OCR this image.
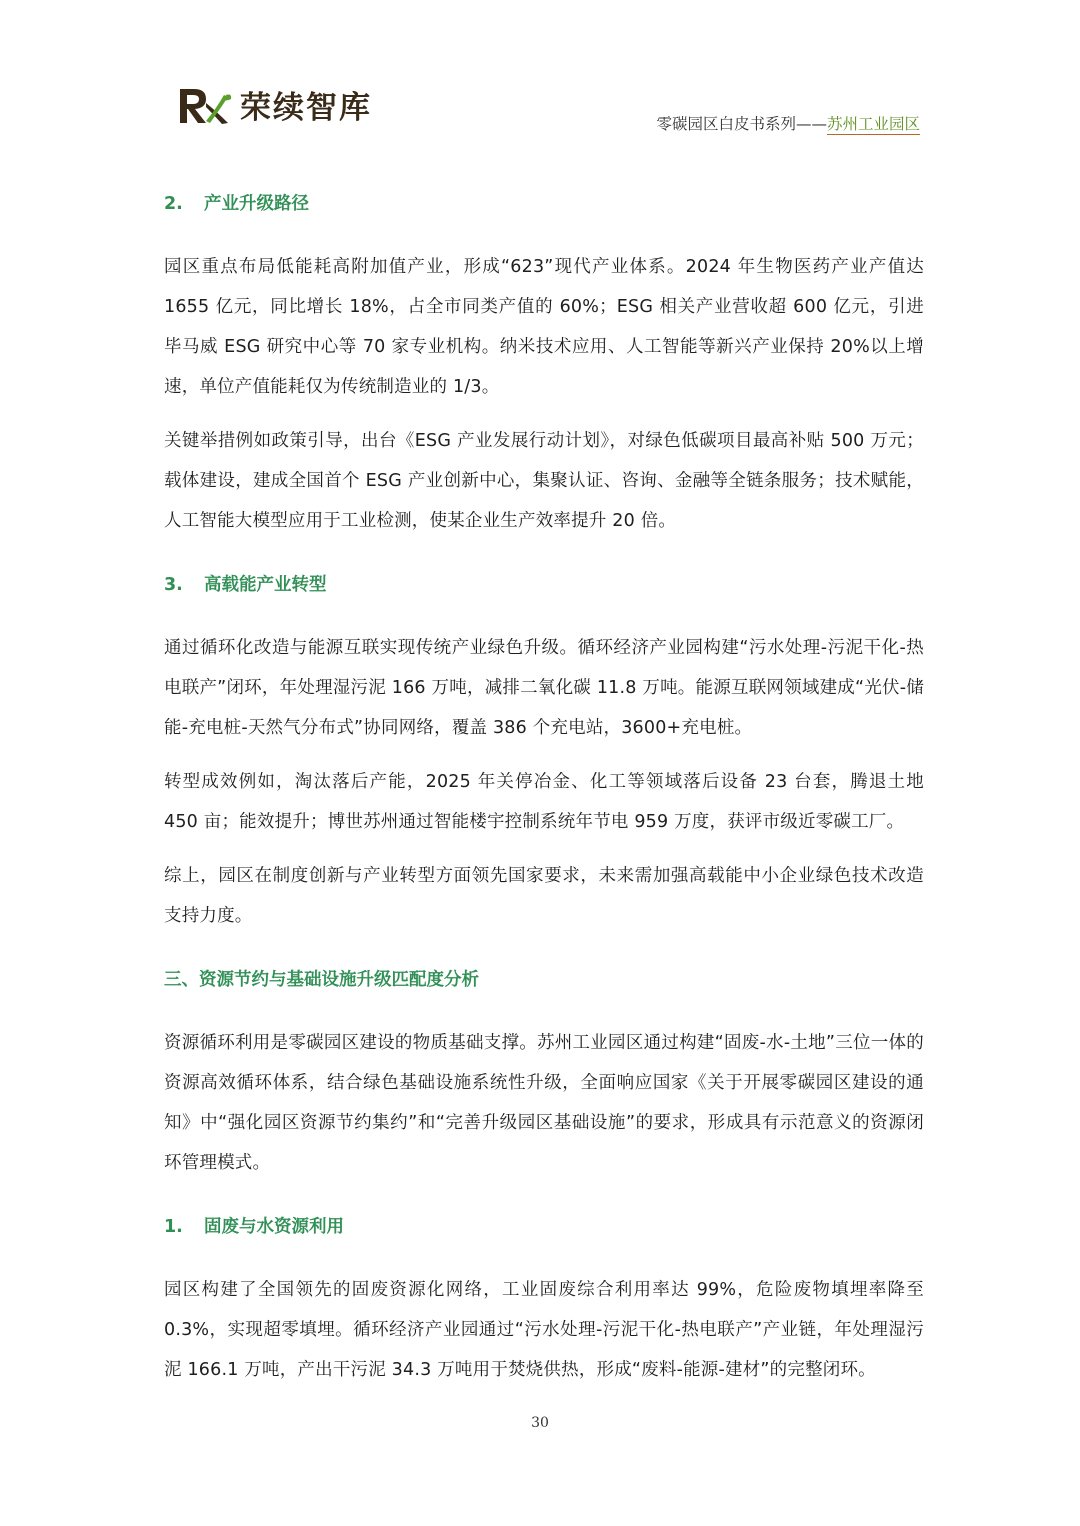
荣续智库	零碳园区白皮书系列——苏州工业园区
2. 产业升级路径

园区重点布局低能耗高附加值产业，形成“623”现代产业体系。2024 年生物医药产业产值达 1655 亿元，同比增长 18%，占全市同类产值的 60%；ESG 相关产业营收超 600 亿元，引进毕马威 ESG 研究中心等 70 家专业机构。纳米技术应用、人工智能等新兴产业保持 20%以上增速，单位产值能耗仅为传统制造业的 1/3。

关键举措例如政策引导，出台《ESG 产业发展行动计划》，对绿色低碳项目最高补贴 500 万元；载体建设，建成全国首个 ESG 产业创新中心，集聚认证、咨询、金融等全链条服务；技术赋能，人工智能大模型应用于工业检测，使某企业生产效率提升 20 倍。

3. 高载能产业转型

通过循环化改造与能源互联实现传统产业绿色升级。循环经济产业园构建“污水处理-污泥干化-热电联产”闭环，年处理湿污泥 166 万吨，减排二氧化碳 11.8 万吨。能源互联网领域建成“光伏-储能-充电桩-天然气分布式”协同网络，覆盖 386 个充电站，3600+充电桩。

转型成效例如，淘汰落后产能，2025 年关停冶金、化工等领域落后设备 23 台套，腾退土地 450 亩；能效提升；博世苏州通过智能楼宇控制系统年节电 959 万度，获评市级近零碳工厂。

综上，园区在制度创新与产业转型方面领先国家要求，未来需加强高载能中小企业绿色技术改造支持力度。

三、资源节约与基础设施升级匹配度分析

资源循环利用是零碳园区建设的物质基础支撑。苏州工业园区通过构建“固废-水-土地”三位一体的资源高效循环体系，结合绿色基础设施系统性升级，全面响应国家《关于开展零碳园区建设的通知》中“强化园区资源节约集约”和“完善升级园区基础设施”的要求，形成具有示范意义的资源闭环管理模式。

1. 固废与水资源利用

园区构建了全国领先的固废资源化网络，工业固废综合利用率达 99%，危险废物填埋率降至 0.3%，实现超零填埋。循环经济产业园通过“污水处理-污泥干化-热电联产”产业链，年处理湿污泥 166.1 万吨，产出干污泥 34.3 万吨用于焚烧供热，形成“废料-能源-建材”的完整闭环。

30
